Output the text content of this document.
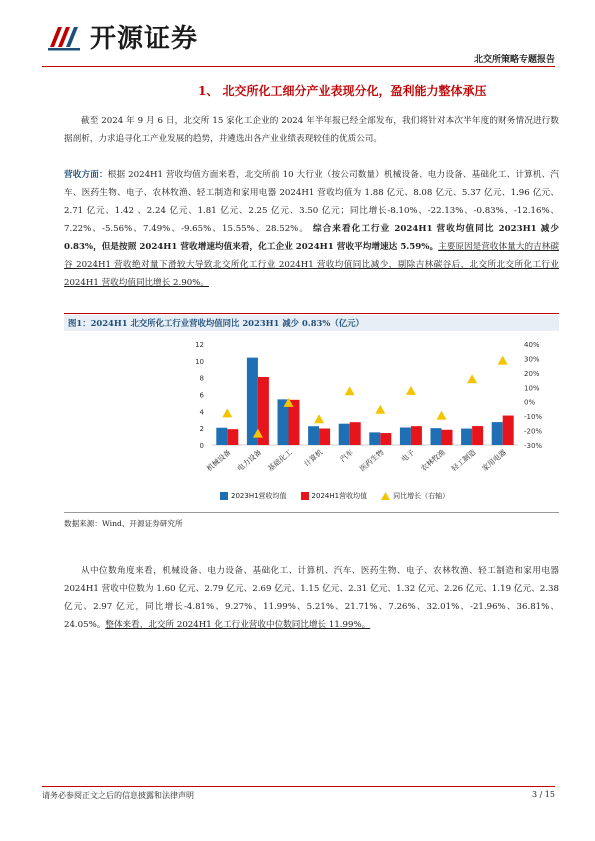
开源证券
北交所策略专题报告
1、 北交所化工细分产业表现分化，盈利能力整体承压
截至 2024 年 9 月 6 日，北交所 15 家化工企业的 2024 年半年报已经全部发布，我们将针对本次半年度的财务情况进行数据剖析，力求追寻化工产业发展的趋势，并遴选出各产业业绩表现较佳的优质公司。
营收方面：根据 2024H1 营收均值方面来看，北交所前 10 大行业（按公司数量）机械设备、电力设备、基础化工、计算机、汽车、医药生物、电子、农林牧渔、轻工制造和家用电器 2024H1 营收均值为 1.88 亿元、8.08 亿元、5.37 亿元、1.96 亿元、2.71 亿元、1.42 、2.24 亿元、1.81 亿元、2.25 亿元、3.50 亿元；同比增长-8.10%、-22.13%、-0.83%、-12.16%、7.22%、-5.56%、7.49%、-9.65%、15.55%、28.52%。 综合来看化工行业 2024H1 营收均值同比 2023H1 减少 0.83%，但是按照 2024H1 营收增速均值来看，化工企业 2024H1 营收平均增速达 5.59%。主要原因是营收体量大的吉林碳谷 2024H1 营收绝对量下滑较大导致北交所化工行业 2024H1 营收均值同比减少，剔除吉林碳谷后，北交所北交所化工行业 2024H1 营收均值同比增长 2.90%。
图1：2024H1 北交所化工行业营收均值同比 2023H1 减少 0.83%（亿元）
0
2
4
6
8
10
12
-30%
-20%
-10%
0%
10%
20%
30%
40%
机械设备 电力设备 基础化工 计算机 汽车 医药生物 电子 农林牧渔 轻工制造 家用电器
2023H1营收均值	2024H1营收均值	同比增长（右轴）
数据来源：Wind、开源证券研究所
从中位数角度来看，机械设备、电力设备、基础化工、计算机、汽车、医药生物、电子、农林牧渔、轻工制造和家用电器 2024H1 营收中位数为 1.60 亿元、2.79 亿元、2.69 亿元、1.15 亿元、2.31 亿元、1.32 亿元、2.26 亿元、1.19 亿元、2.38 亿元、2.97 亿元，同比增长-4.81%、9.27%、11.99%、5.21%、21.71%、7.26%、32.01%、-21.96%、36.81%、24.05%。整体来看，北交所 2024H1 化工行业营收中位数同比增长 11.99%。
请务必参阅正文之后的信息披露和法律声明	3 / 15
